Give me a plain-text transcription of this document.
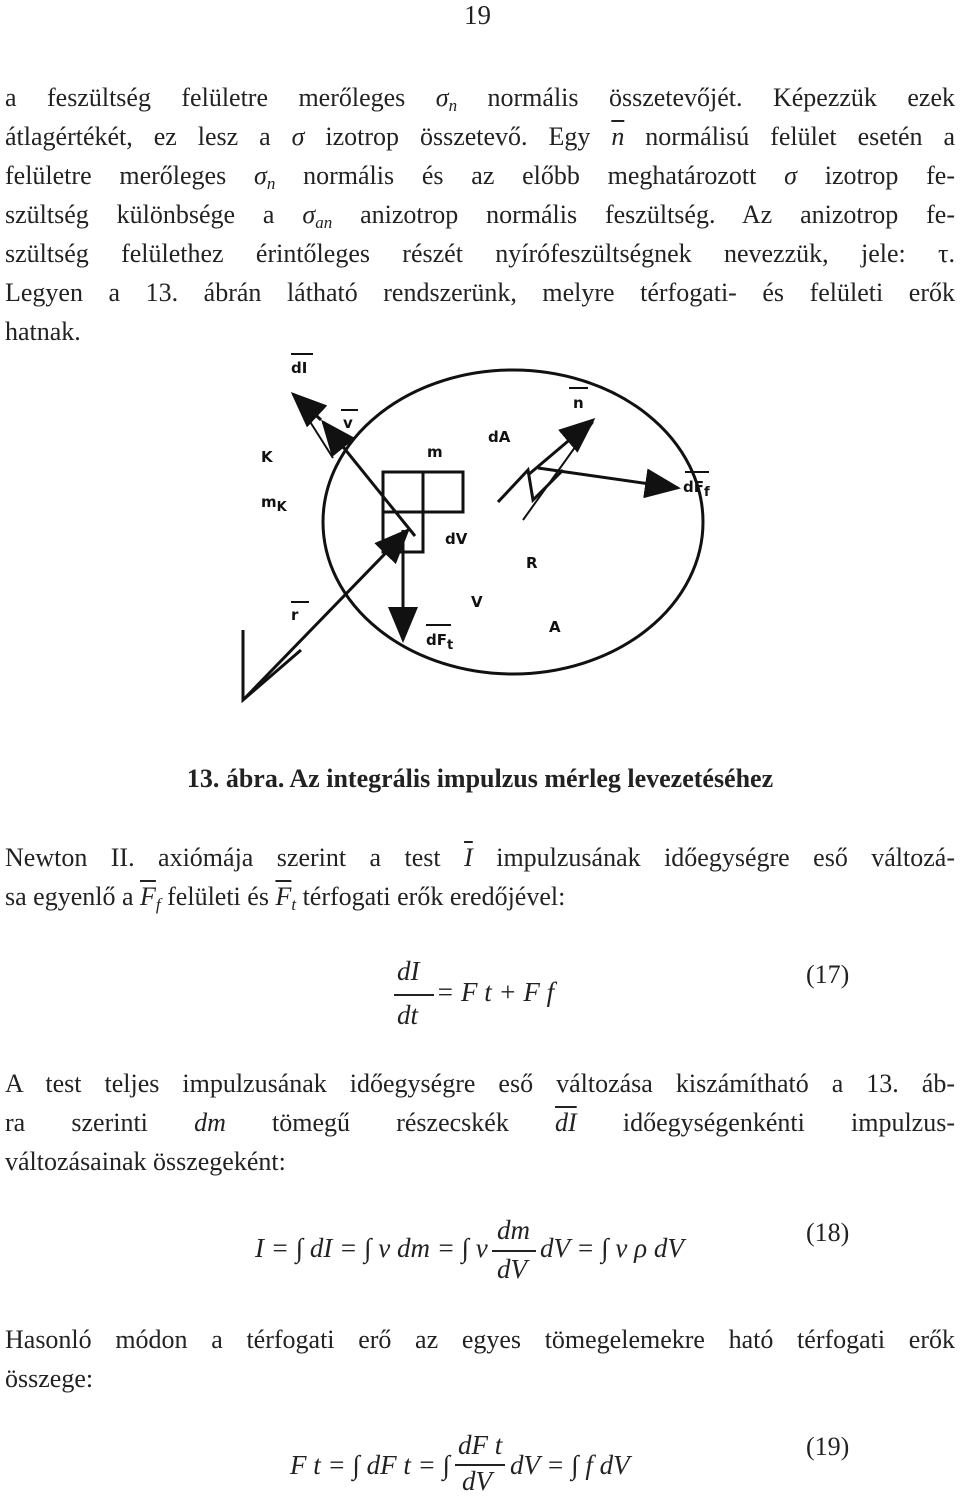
19
a feszültség felületre merőleges $\sigma_n$ normális összetevőjét. Képezzük ezek
átlagértékét, ez lesz a σ izotrop összetevő. Egy $\overline{n}$ normálisú felület esetén a
felületre merőleges $\sigma_n$ normális és az előbb meghatározott σ izotrop fe-
szültség különbsége a $\sigma_{an}$ anizotrop normális feszültség. Az anizotrop fe-
szültség felülethez érintőleges részét nyírófeszültségnek nevezzük, jele: τ.
Legyen a 13. ábrán látható rendszerünk, melyre térfogati- és felületi erők
hatnak.
dI
v
K
mK
m
dA
n
dFf
dV
R
V
A
r
dFt
13. ábra. Az integrális impulzus mérleg levezetéséhez
Newton II. axiómája szerint a test $\overline{I}$ impulzusának időegységre eső változá-
sa egyenlő a $\overline{F}_f$ felületi és $\overline{F}_t$ térfogati erők eredőjével:
dI
dt
= F t + F f
(17)
A test teljes impulzusának időegységre eső változása kiszámítható a 13. áb-
ra szerinti dm tömegű részecskék $\overline{dI}$ időegységenkénti impulzus-
változásainak összegeként:
I = ∫ dI = ∫ v dm = ∫ v
dm
dV
dV = ∫ v ρ dV
(18)
Hasonló módon a térfogati erő az egyes tömegelemekre ható térfogati erők
összege:
F t = ∫ dF t = ∫
dF t
dV
dV = ∫ f dV
(19)
